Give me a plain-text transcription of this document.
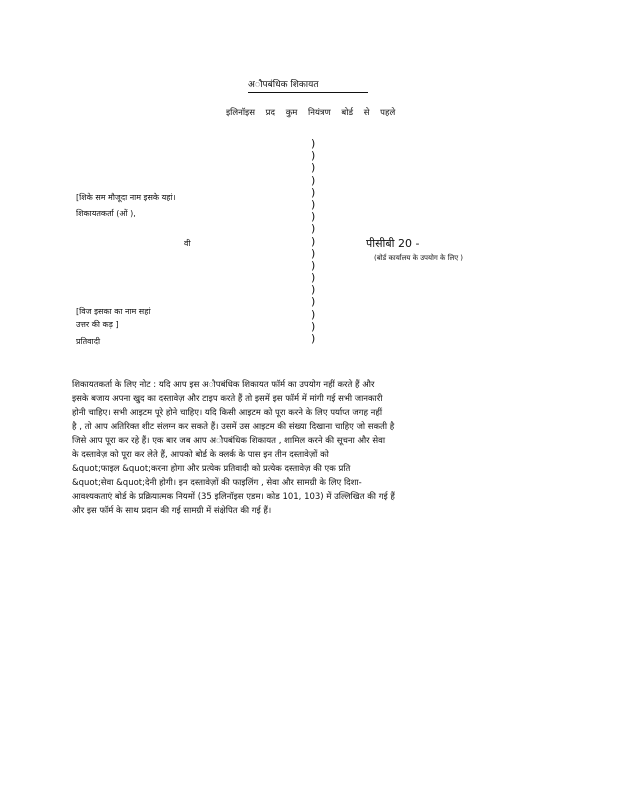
अौपबंधिक शिकायत
इलिनॉइस प्रद कुम नियंत्रण बोर्ड से पहले
)
)
)
)
)
)
)
)
)
)
)
)
)
)
)
)
)
[शिके सम मौजूदा नाम इसके यहां।
शिकायतकर्ता (ओं ),
वी
[विज इसका का नाम सहां
उत्तर की कड़ ]
प्रतिवादी
पीसीबी 20 -
(बोर्ड कार्यालय के उपयोग के लिए )
शिकायतकर्ता के लिए नोट : यदि आप इस अौपबंधिक शिकायत फॉर्म का उपयोग नहीं करते हैं और
इसके बजाय अपना खुद का दस्तावेज़ और टाइप करते हैं तो इसमें इस फॉर्म में मांगी गई सभी जानकारी
होनी चाहिए। सभी आइटम पूरे होने चाहिए। यदि किसी आइटम को पूरा करने के लिए पर्याप्त जगह नहीं
है , तो आप अतिरिक्त शीट संलग्न कर सकते हैं। उसमें उस आइटम की संख्या दिखाना चाहिए जो सकती है
जिसे आप पूरा कर रहे हैं। एक बार जब आप अौपबंधिक शिकायत , शामिल करने की सूचना और सेवा
के दस्तावेज़ को पूरा कर लेते हैं, आपको बोर्ड के क्लर्क के पास इन तीन दस्तावेज़ों को
&quot;फाइल &quot;करना होगा और प्रत्येक प्रतिवादी को प्रत्येक दस्तावेज़ की एक प्रति
&quot;सेवा &quot;देनी होगी। इन दस्तावेज़ों की फाइलिंग , सेवा और सामग्री के लिए दिशा-
आवश्यकताएं बोर्ड के प्रक्रियात्मक नियमों (35 इलिनॉइस एडम। कोड 101, 103) में उल्लिखित की गई हैं
और इस फॉर्म के साथ प्रदान की गई सामग्री में संक्षेपित की गई हैं।
